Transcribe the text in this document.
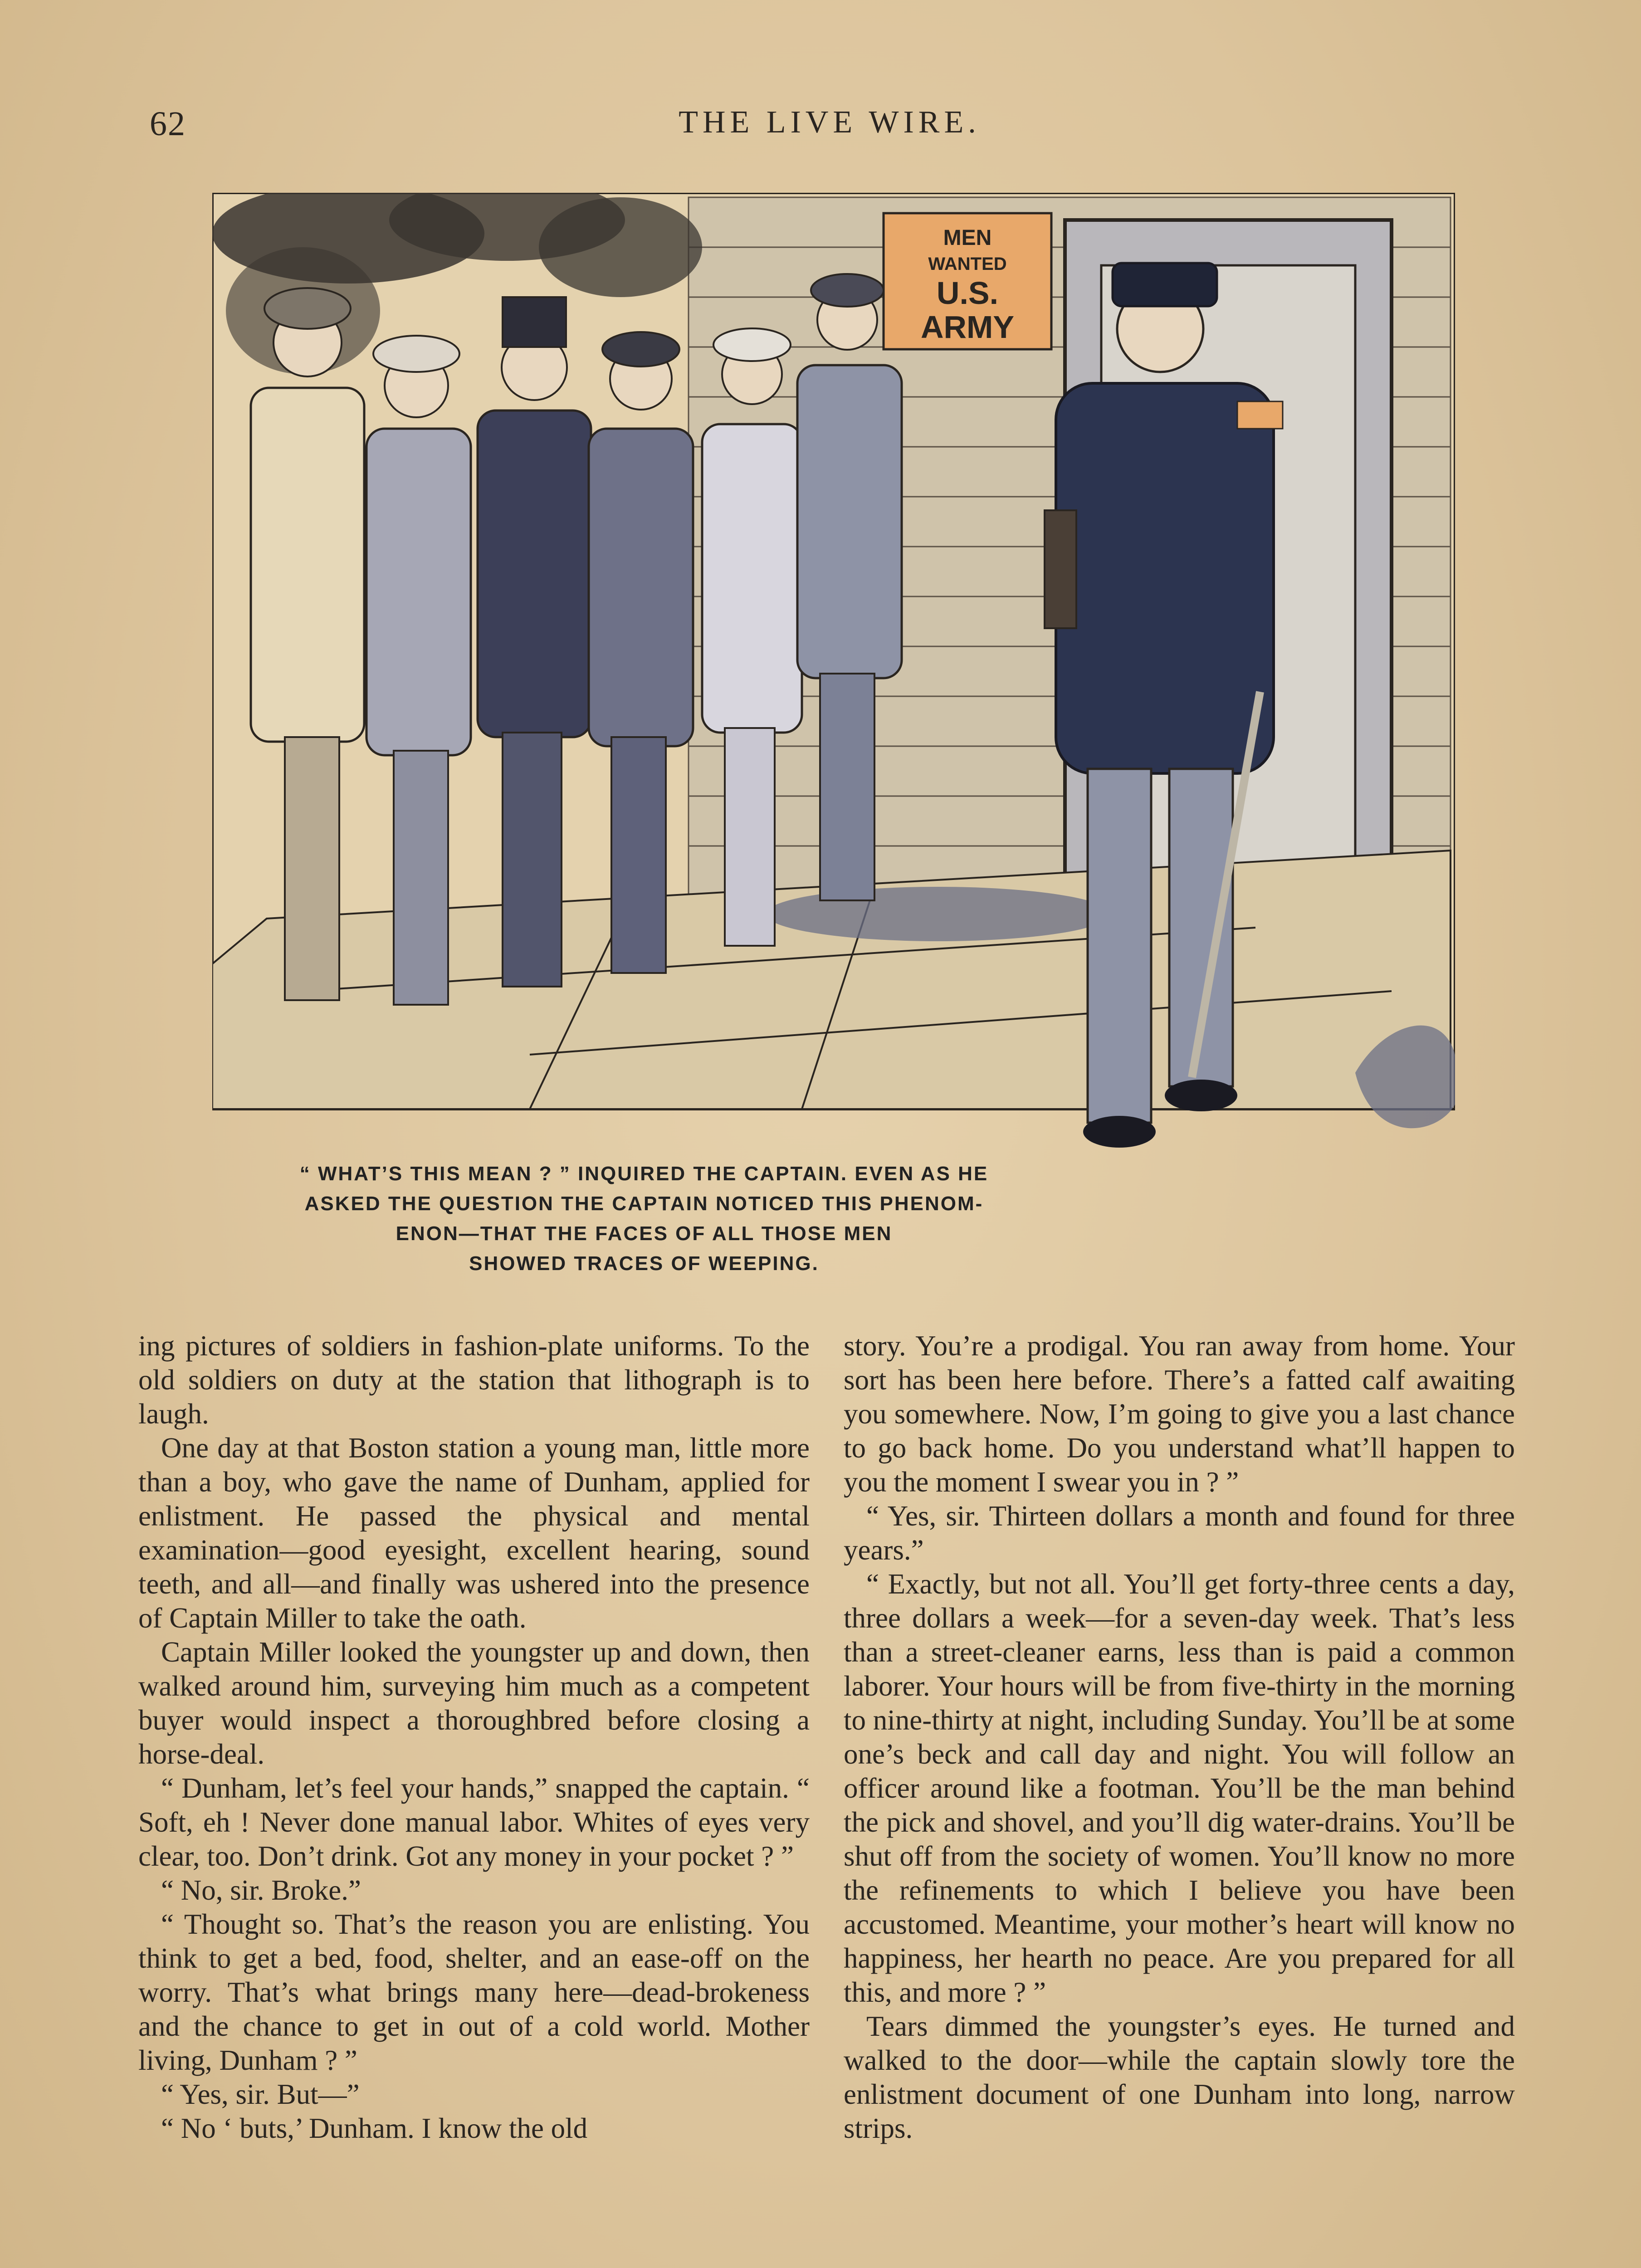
62	THE LIVE WIRE.
MEN
WANTED
U.S.
ARMY
“ WHAT’S THIS MEAN ? ” INQUIRED THE CAPTAIN. EVEN AS HE
ASKED THE QUESTION THE CAPTAIN NOTICED THIS PHENOM-
ENON—THAT THE FACES OF ALL THOSE MEN
SHOWED TRACES OF WEEPING.

ing pictures of soldiers in fashion-plate uniforms. To the old soldiers on duty at the station that lithograph is to laugh.

One day at that Boston station a young man, little more than a boy, who gave the name of Dunham, applied for enlistment. He passed the physical and mental examination—good eyesight, excellent hearing, sound teeth, and all—and finally was ushered into the presence of Captain Miller to take the oath.

Captain Miller looked the youngster up and down, then walked around him, surveying him much as a competent buyer would inspect a thoroughbred before closing a horse-deal.

“ Dunham, let’s feel your hands,” snapped the captain. “ Soft, eh ! Never done manual labor. Whites of eyes very clear, too. Don’t drink. Got any money in your pocket ? ”

“ No, sir. Broke.”

“ Thought so. That’s the reason you are enlisting. You think to get a bed, food, shelter, and an ease-off on the worry. That’s what brings many here—dead-brokeness and the chance to get in out of a cold world. Mother living, Dunham ? ”

“ Yes, sir. But—”

“ No ‘ buts,’ Dunham. I know the old

story. You’re a prodigal. You ran away from home. Your sort has been here before. There’s a fatted calf awaiting you somewhere. Now, I’m going to give you a last chance to go back home. Do you understand what’ll happen to you the moment I swear you in ? ”

“ Yes, sir. Thirteen dollars a month and found for three years.”

“ Exactly, but not all. You’ll get forty-three cents a day, three dollars a week—for a seven-day week. That’s less than a street-cleaner earns, less than is paid a common laborer. Your hours will be from five-thirty in the morning to nine-thirty at night, including Sunday. You’ll be at some one’s beck and call day and night. You will follow an officer around like a footman. You’ll be the man behind the pick and shovel, and you’ll dig water-drains. You’ll be shut off from the society of women. You’ll know no more the refinements to which I believe you have been accustomed. Meantime, your mother’s heart will know no happiness, her hearth no peace. Are you prepared for all this, and more ? ”

Tears dimmed the youngster’s eyes. He turned and walked to the door—while the captain slowly tore the enlistment document of one Dunham into long, narrow strips.
